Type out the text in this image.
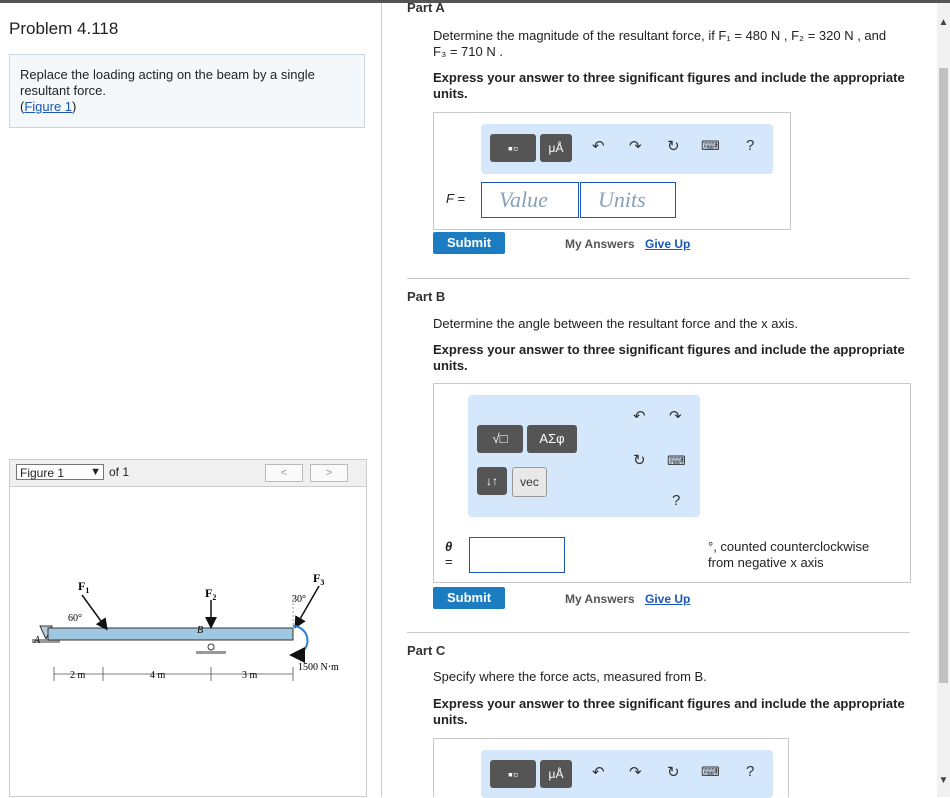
Problem 4.118
Replace the loading acting on the beam by a single resultant force.
(Figure 1)
Figure 1 ▼ of 1	<	>
$F_1$	$F_2$
$F_3$
60°
30°
A
B
1500 N·m
2 m	4 m	3 m
Part A
Determine the magnitude of the resultant force, if F₁ = 480 N , F₂ = 320 N , and
F₃ = 710 N .
Express your answer to three significant figures and include the appropriate units.
▪▫	μÅ	↶ ↷ ↻ ⌨ ?
F =	Value	Units
Submit	My Answers Give Up
Part B
Determine the angle between the resultant force and the x axis.
Express your answer to three significant figures and include the appropriate units.
√□	ΑΣφ
↓↑	vec
↶ ↷
↻ ⌨
?
θ
=
°, counted counterclockwise
from negative x axis
Submit	My Answers Give Up
Part C
Specify where the force acts, measured from B.
Express your answer to three significant figures and include the appropriate units.
▪▫	μÅ	↶ ↷ ↻ ⌨ ?
▲
▼
